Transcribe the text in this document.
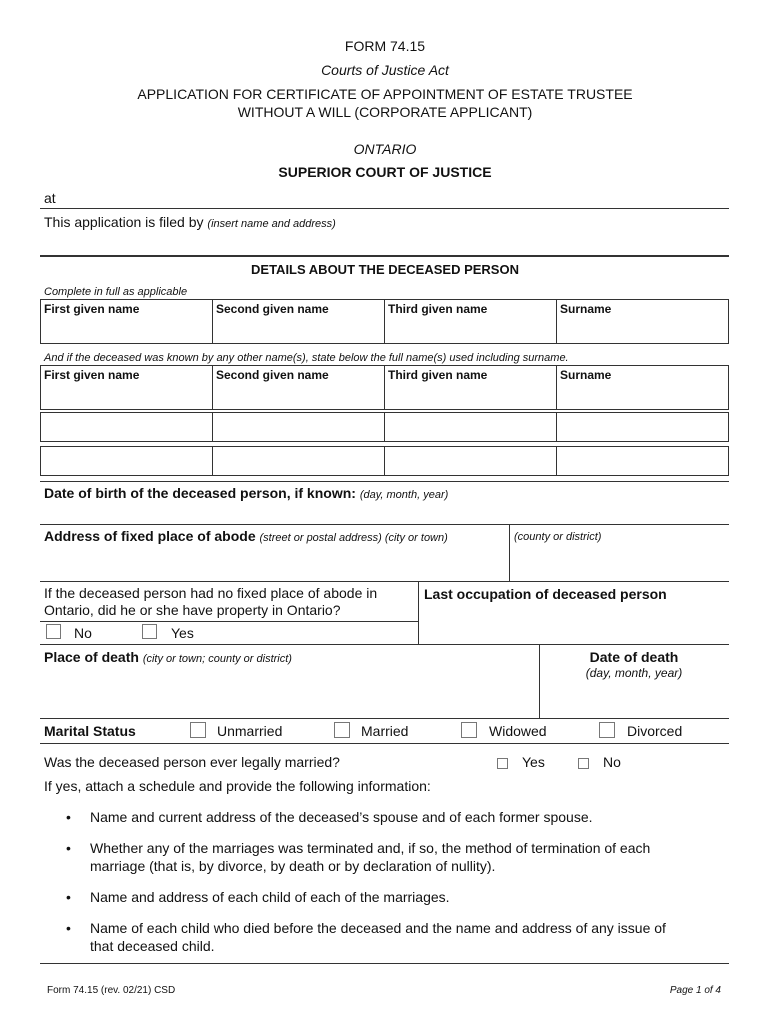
FORM 74.15
Courts of Justice Act
APPLICATION FOR CERTIFICATE OF APPOINTMENT OF ESTATE TRUSTEE
WITHOUT A WILL (CORPORATE APPLICANT)
ONTARIO
SUPERIOR COURT OF JUSTICE
at
This application is filed by (insert name and address)
DETAILS ABOUT THE DECEASED PERSON
Complete in full as applicable
First given name	Second given name	Third given name	Surname
And if the deceased was known by any other name(s), state below the full name(s) used including surname.
First given name	Second given name	Third given name	Surname
Date of birth of the deceased person, if known: (day, month, year)
Address of fixed place of abode (street or postal address) (city or town)	(county or district)
If the deceased person had no fixed place of abode in
Ontario, did he or she have property in Ontario?
Last occupation of deceased person
No	Yes
Place of death (city or town; county or district)	Date of death
(day, month, year)
Marital Status	Unmarried	Married	Widowed	Divorced
Was the deceased person ever legally married?	Yes	No
If yes, attach a schedule and provide the following information:
• Name and current address of the deceased’s spouse and of each former spouse.
• Whether any of the marriages was terminated and, if so, the method of termination of each
marriage (that is, by divorce, by death or by declaration of nullity).
• Name and address of each child of each of the marriages.
• Name of each child who died before the deceased and the name and address of any issue of
that deceased child.
Form 74.15 (rev. 02/21) CSD	Page 1 of 4
